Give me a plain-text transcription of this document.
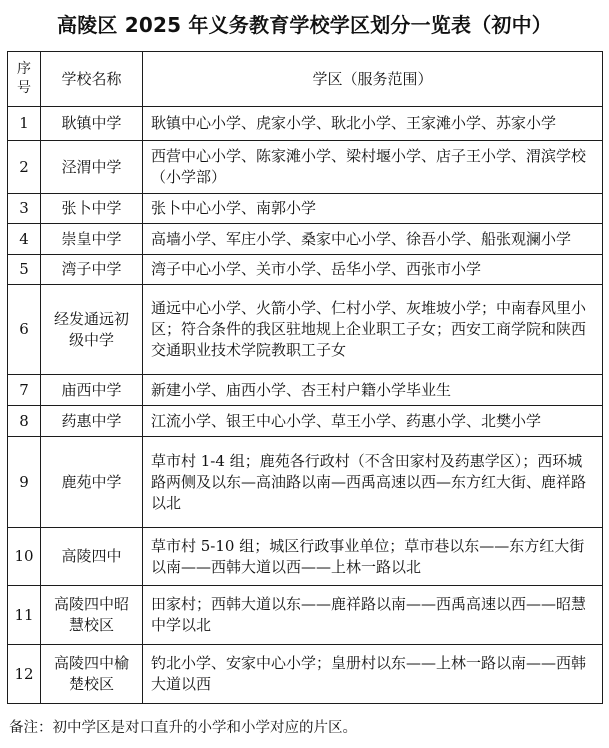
高陵区 2025 年义务教育学校学区划分一览表（初中）
序号	学校名称	学区（服务范围）
1	耿镇中学	耿镇中心小学、虎家小学、耿北小学、王家滩小学、苏家小学
2	泾渭中学	西营中心小学、陈家滩小学、梁村堰小学、店子王小学、渭滨学校（小学部）
3	张卜中学	张卜中心小学、南郭小学
4	崇皇中学	高墙小学、军庄小学、桑家中心小学、徐吾小学、船张观澜小学
5	湾子中学	湾子中心小学、关市小学、岳华小学、西张市小学
6	经发通远初级中学	通远中心小学、火箭小学、仁村小学、灰堆坡小学；中南春风里小区；符合条件的我区驻地规上企业职工子女；西安工商学院和陕西交通职业技术学院教职工子女
7	庙西中学	新建小学、庙西小学、杏王村户籍小学毕业生
8	药惠中学	江流小学、银王中心小学、草王小学、药惠小学、北樊小学
9	鹿苑中学	草市村 1-4 组；鹿苑各行政村（不含田家村及药惠学区）；西环城路两侧及以东—高油路以南—西禹高速以西—东方红大街、鹿祥路以北
10	高陵四中	草市村 5-10 组；城区行政事业单位；草市巷以东——东方红大街以南——西韩大道以西——上林一路以北
11	高陵四中昭慧校区	田家村；西韩大道以东——鹿祥路以南——西禹高速以西——昭慧中学以北
12	高陵四中榆楚校区	钓北小学、安家中心小学；皇册村以东——上林一路以南——西韩大道以西
备注：初中学区是对口直升的小学和小学对应的片区。
